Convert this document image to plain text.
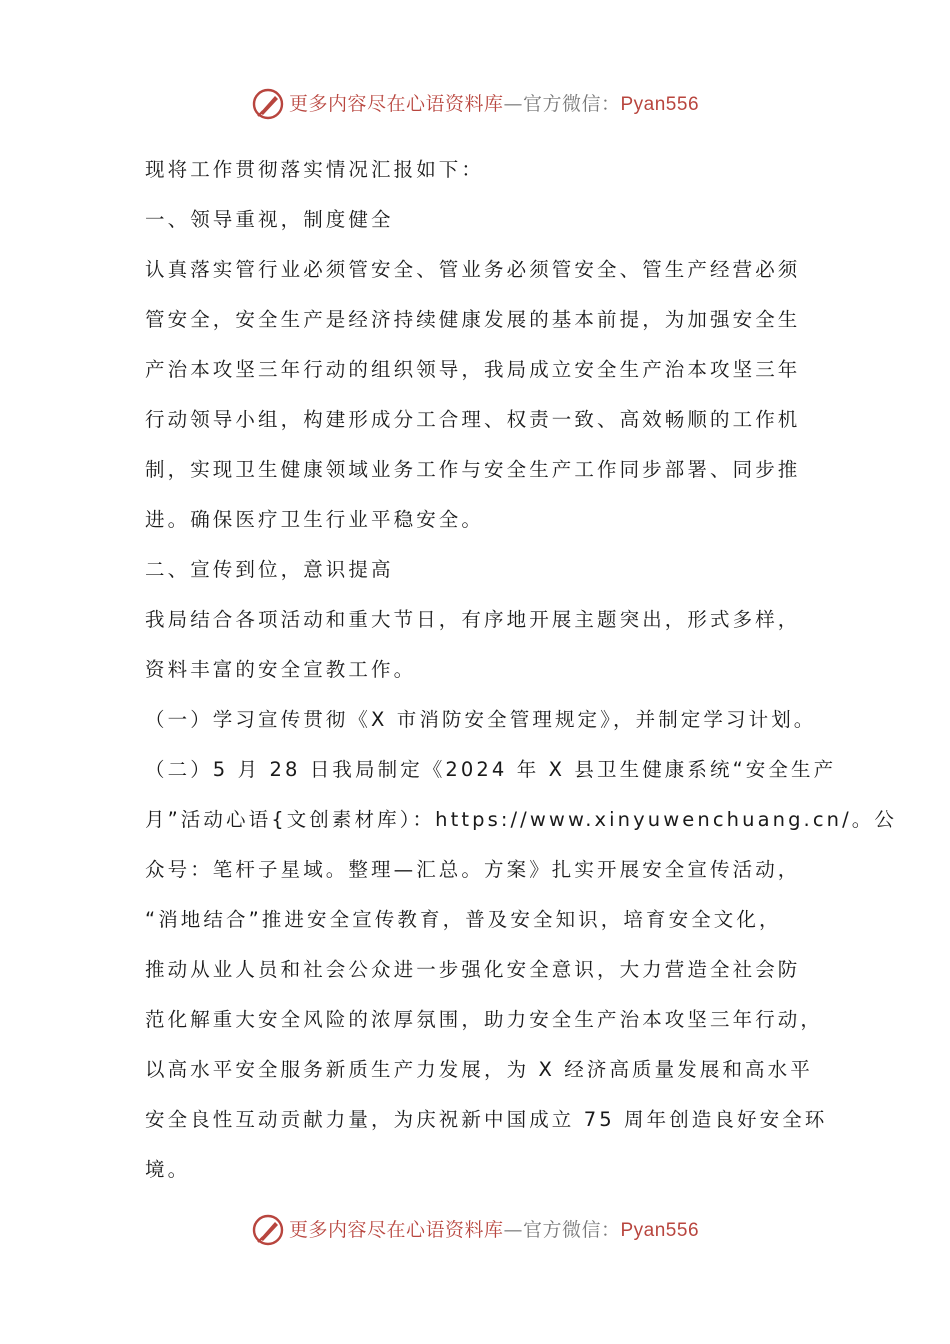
更多内容尽在心语资料库—官方微信：Pyan556
现将工作贯彻落实情况汇报如下：
一、领导重视，制度健全
认真落实管行业必须管安全、管业务必须管安全、管生产经营必须
管安全，安全生产是经济持续健康发展的基本前提，为加强安全生
产治本攻坚三年行动的组织领导，我局成立安全生产治本攻坚三年
行动领导小组，构建形成分工合理、权责一致、高效畅顺的工作机
制，实现卫生健康领域业务工作与安全生产工作同步部署、同步推
进。确保医疗卫生行业平稳安全。
二、宣传到位，意识提高
我局结合各项活动和重大节日，有序地开展主题突出，形式多样，
资料丰富的安全宣教工作。
（一）学习宣传贯彻《X 市消防安全管理规定》，并制定学习计划。
（二）5 月 28 日我局制定《2024 年 X 县卫生健康系统“安全生产
月”活动心语{文创素材库）：https://www.xinyuwenchuang.cn/。公
众号：笔杆子星域。整理—汇总。方案》扎实开展安全宣传活动，
“消地结合”推进安全宣传教育，普及安全知识，培育安全文化，
推动从业人员和社会公众进一步强化安全意识，大力营造全社会防
范化解重大安全风险的浓厚氛围，助力安全生产治本攻坚三年行动，
以高水平安全服务新质生产力发展，为 X 经济高质量发展和高水平
安全良性互动贡献力量，为庆祝新中国成立 75 周年创造良好安全环
境。
更多内容尽在心语资料库—官方微信：Pyan556
